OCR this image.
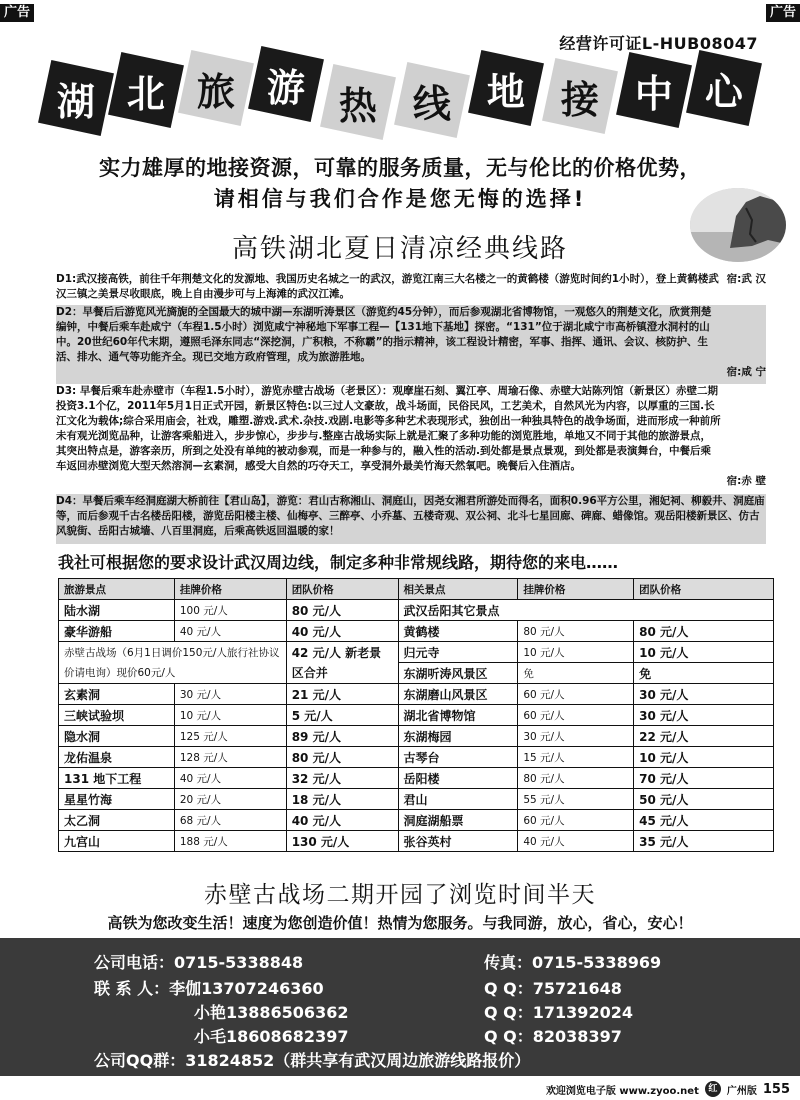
广告	广告
经营许可证L-HUB08047
湖 北 旅 游 热 线 地 接 中 心
实力雄厚的地接资源，可靠的服务质量，无与伦比的价格优势，
请相信与我们合作是您无悔的选择!
高铁湖北夏日清凉经典线路
宿:武 汉
D1:武汉接高铁，前往千年荆楚文化的发源地、我国历史名城之一的武汉，游览江南三大名楼之一的黄鹤楼（游览时间约1小时），登上黄鹤楼武汉三镇之美景尽收眼底，晚上自由漫步可与上海滩的武汉江滩。
宿:咸 宁
D2：早餐后后游览风光旖旎的全国最大的城中湖—东湖听涛景区（游览约45分钟），而后参观湖北省博物馆，一观悠久的荆楚文化，欣赏荆楚编钟，中餐后乘车赴咸宁（车程1.5小时）浏览咸宁神秘地下军事工程—【131地下基地】探密。“131”位于湖北咸宁市高桥镇澄水洞村的山中。20世纪60年代末期，遵照毛泽东同志“深挖洞，广积粮，不称霸”的指示精神，该工程设计精密，军事、指挥、通讯、会议、核防护、生活、排水、通气等功能齐全。现已交地方政府管理，成为旅游胜地。
宿:赤 壁
D3: 早餐后乘车赴赤壁市（车程1.5小时），游览赤壁古战场（老景区）：观摩崖石刻、翼江亭、周瑜石像、赤壁大站陈列馆（新景区）赤壁二期投资3.1个亿，2011年5月1日正式开园，新景区特色:以三过人文豪故，战斗场面，民俗民风，工艺美术，自然风光为内容，以厚重的三国.长江文化为载体;综合采用庙会，社戏，雕塑.游戏.武术.杂技.戏剧.电影等多种艺术表现形式，独创出一种独具特色的战争场面，进而形成一种前所未有观光浏览品种，让游客乘船进入，步步惊心，步步与.整座古战场实际上就是汇聚了多种功能的浏览胜地，单地又不同于其他的旅游景点，其突出特点是，游客亲历，所到之处没有单纯的被动参观，而是一种参与的，融入性的活动.到处都是景点景观，到处都是表演舞台，中餐后乘车返回赤壁浏览大型天然溶洞—玄素洞，感受大自然的巧夺天工，享受洞外最美竹海天然氧吧。晚餐后入住酒店。
D4：早餐后乘车经洞庭湖大桥前往【君山岛】，游览：君山古称湘山、洞庭山，因尧女湘君所游处而得名，面积0.96平方公里，湘妃祠、柳毅井、洞庭庙等，而后参观千古名楼岳阳楼，游览岳阳楼主楼、仙梅亭、三醉亭、小乔墓、五楼奇观、双公祠、北斗七星回廊、碑廊、蜡像馆。观岳阳楼新景区、仿古风貌街、岳阳古城墙、八百里洞庭，后乘高铁返回温暖的家！
我社可根据您的要求设计武汉周边线，制定多种非常规线路，期待您的来电……
旅游景点	挂牌价格	团队价格	相关景点	挂牌价格	团队价格
陆水湖	100 元/人	80 元/人	武汉岳阳其它景点		
豪华游船	40 元/人	40 元/人	黄鹤楼	80 元/人	80 元/人
赤壁古战场（6月1日调价150元/人旅行社协议价请电询）现价60元/人		42 元/人 新老景区合并	归元寺	10 元/人	10 元/人
			东湖听涛风景区	免	免
玄素洞	30 元/人	21 元/人	东湖磨山风景区	60 元/人	30 元/人
三峡试验坝	10 元/人	5 元/人	湖北省博物馆	60 元/人	30 元/人
隐水洞	125 元/人	89 元/人	东湖梅园	30 元/人	22 元/人
龙佑温泉	128 元/人	80 元/人	古琴台	15 元/人	10 元/人
131 地下工程	40 元/人	32 元/人	岳阳楼	80 元/人	70 元/人
星星竹海	20 元/人	18 元/人	君山	55 元/人	50 元/人
太乙洞	68 元/人	40 元/人	洞庭湖船票	60 元/人	45 元/人
九宫山	188 元/人	130 元/人	张谷英村	40 元/人	35 元/人
赤壁古战场二期开园了浏览时间半天
高铁为您改变生活！速度为您创造价值！热情为您服务。与我同游，放心，省心，安心！
公司电话：0715-5338848	传真：0715-5338969
联 系 人：李伽13707246360	Q Q：75721648
小艳13886506362	Q Q：171392024
小毛18608682397	Q Q：82038397
公司QQ群：31824852（群共享有武汉周边旅游线路报价）
欢迎浏览电子版 www.zyoo.net	红 广州版 155
